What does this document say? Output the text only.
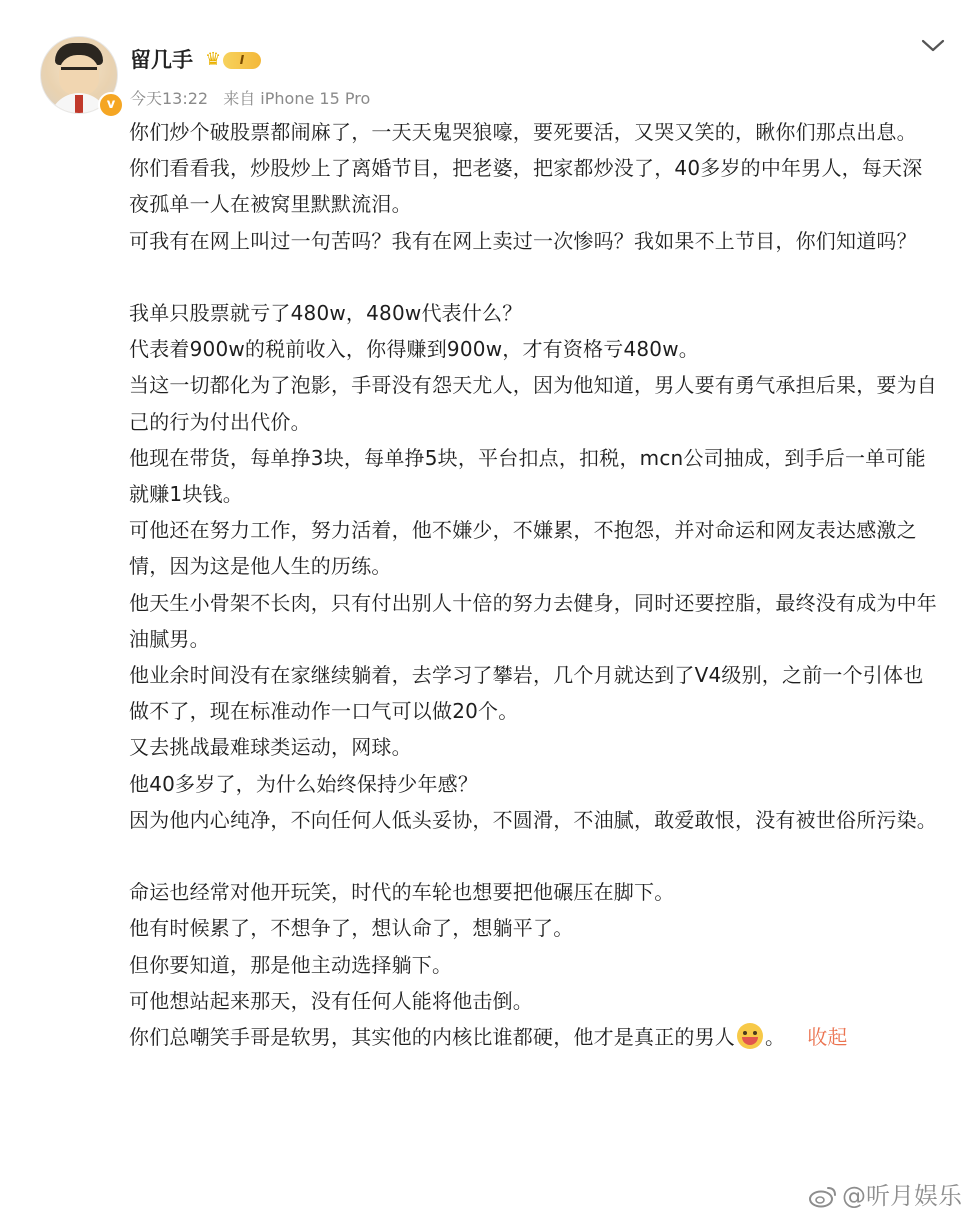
v
留几手 ♛	I
今天13:22 来自 iPhone 15 Pro

你们炒个破股票都闹麻了，一天天鬼哭狼嚎，要死要活，又哭又笑的，瞅你们那点出息。

你们看看我，炒股炒上了离婚节目，把老婆，把家都炒没了，40多岁的中年男人，每天深夜孤单一人在被窝里默默流泪。

可我有在网上叫过一句苦吗？我有在网上卖过一次惨吗？我如果不上节目，你们知道吗？

我单只股票就亏了480w，480w代表什么？

代表着900w的税前收入，你得赚到900w，才有资格亏480w。

当这一切都化为了泡影，手哥没有怨天尤人，因为他知道，男人要有勇气承担后果，要为自己的行为付出代价。

他现在带货，每单挣3块，每单挣5块，平台扣点，扣税，mcn公司抽成，到手后一单可能就赚1块钱。

可他还在努力工作，努力活着，他不嫌少，不嫌累，不抱怨，并对命运和网友表达感激之情，因为这是他人生的历练。

他天生小骨架不长肉，只有付出别人十倍的努力去健身，同时还要控脂，最终没有成为中年油腻男。

他业余时间没有在家继续躺着，去学习了攀岩，几个月就达到了V4级别，之前一个引体也做不了，现在标准动作一口气可以做20个。

又去挑战最难球类运动，网球。

他40多岁了，为什么始终保持少年感？

因为他内心纯净，不向任何人低头妥协，不圆滑，不油腻，敢爱敢恨，没有被世俗所污染。

命运也经常对他开玩笑，时代的车轮也想要把他碾压在脚下。

他有时候累了，不想争了，想认命了，想躺平了。

但你要知道，那是他主动选择躺下。

可他想站起来那天，没有任何人能将他击倒。

你们总嘲笑手哥是软男，其实他的内核比谁都硬，他才是真正的男人 。 收起

@听月娱乐
